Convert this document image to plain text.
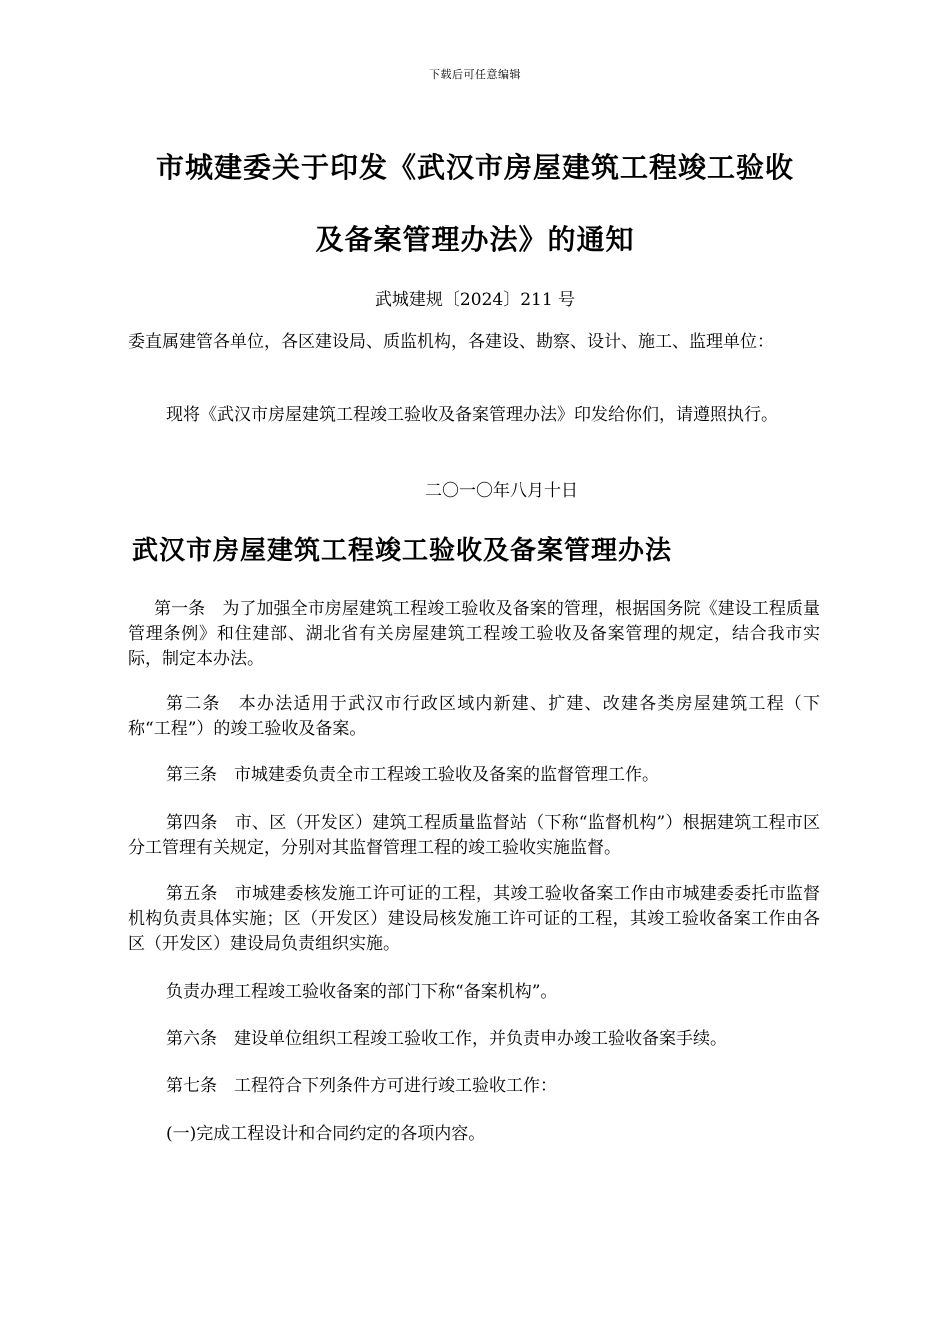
下载后可任意编辑
市城建委关于印发《武汉市房屋建筑工程竣工验收
及备案管理办法》的通知
武城建规〔2024〕211 号
委直属建管各单位，各区建设局、质监机构，各建设、勘察、设计、施工、监理单位：
现将《武汉市房屋建筑工程竣工验收及备案管理办法》印发给你们，请遵照执行。
二〇一〇年八月十日
武汉市房屋建筑工程竣工验收及备案管理办法
第一条　为了加强全市房屋建筑工程竣工验收及备案的管理，根据国务院《建设工程质量管理条例》和住建部、湖北省有关房屋建筑工程竣工验收及备案管理的规定，结合我市实际，制定本办法。
第二条　本办法适用于武汉市行政区域内新建、扩建、改建各类房屋建筑工程（下称“工程”）的竣工验收及备案。
第三条　市城建委负责全市工程竣工验收及备案的监督管理工作。
第四条　市、区（开发区）建筑工程质量监督站（下称“监督机构”）根据建筑工程市区分工管理有关规定，分别对其监督管理工程的竣工验收实施监督。
第五条　市城建委核发施工许可证的工程，其竣工验收备案工作由市城建委委托市监督机构负责具体实施；区（开发区）建设局核发施工许可证的工程，其竣工验收备案工作由各区（开发区）建设局负责组织实施。
负责办理工程竣工验收备案的部门下称“备案机构”。
第六条　建设单位组织工程竣工验收工作，并负责申办竣工验收备案手续。
第七条　工程符合下列条件方可进行竣工验收工作：
(一)完成工程设计和合同约定的各项内容。
